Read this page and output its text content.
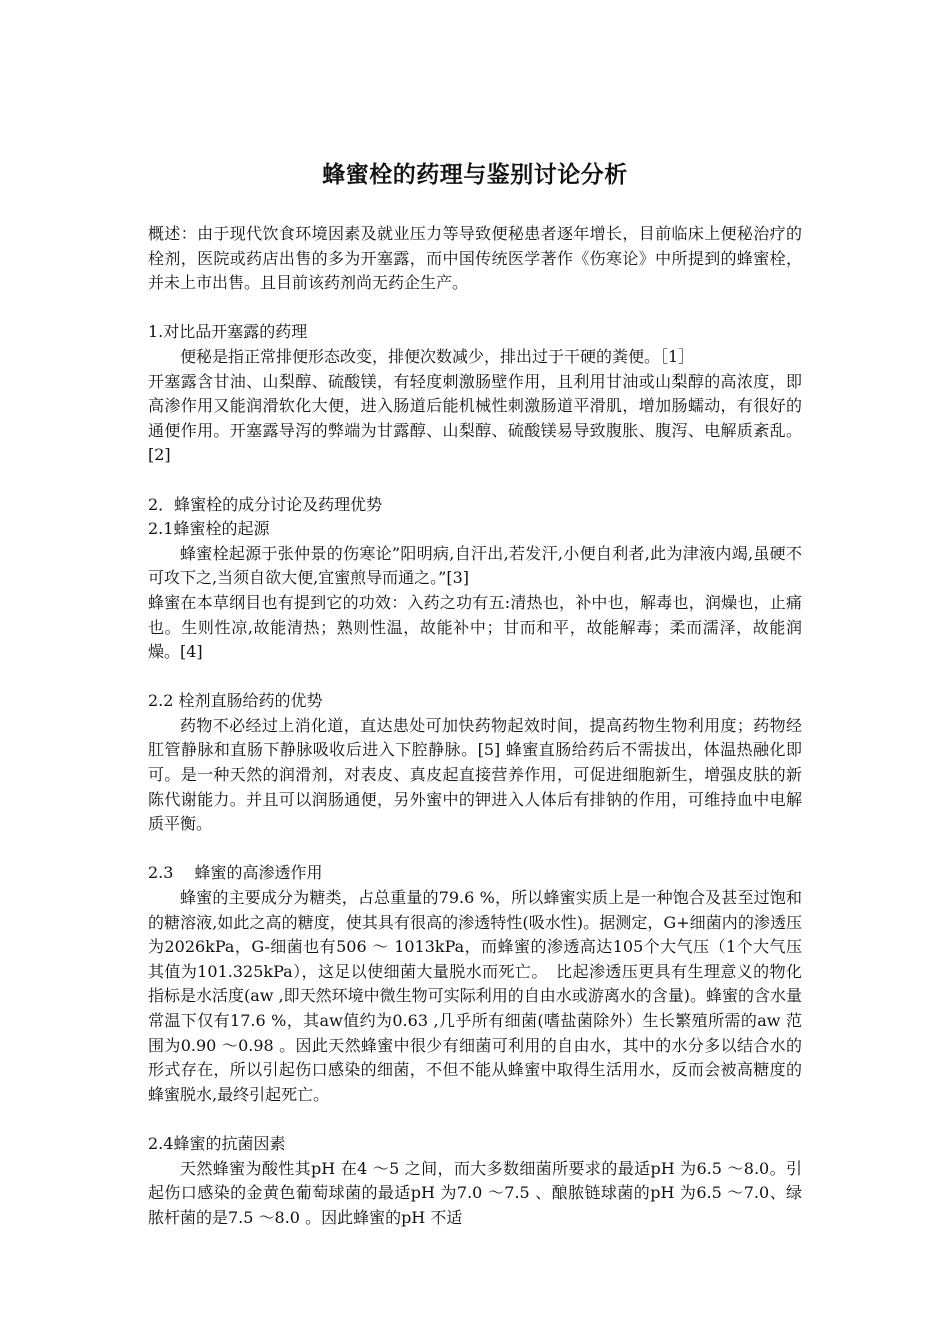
蜂蜜栓的药理与鉴别讨论分析

概述：由于现代饮食环境因素及就业压力等导致便秘患者逐年增长，目前临床上便秘治疗的栓剂，医院或药店出售的多为开塞露，而中国传统医学著作《伤寒论》中所提到的蜂蜜栓，并未上市出售。且目前该药剂尚无药企生产。

1.对比品开塞露的药理

便秘是指正常排便形态改变，排便次数减少，排出过于干硬的粪便。［1］

开塞露含甘油、山梨醇、硫酸镁，有轻度刺激肠壁作用，且利用甘油或山梨醇的高浓度，即高渗作用又能润滑软化大便，进入肠道后能机械性刺激肠道平滑肌，增加肠蠕动，有很好的通便作用。开塞露导泻的弊端为甘露醇、山梨醇、硫酸镁易导致腹胀、腹泻、电解质紊乱。[2]

2．蜂蜜栓的成分讨论及药理优势

2.1蜂蜜栓的起源

蜂蜜栓起源于张仲景的伤寒论”阳明病,自汗出,若发汗,小便自利者,此为津液内竭,虽硬不可攻下之,当须自欲大便,宜蜜煎导而通之。”[3]

蜂蜜在本草纲目也有提到它的功效：入药之功有五:清热也，补中也，解毒也，润燥也，止痛也。生则性凉,故能清热；熟则性温，故能补中；甘而和平，故能解毒；柔而濡泽，故能润燥。[4]

2.2 栓剂直肠给药的优势

药物不必经过上消化道，直达患处可加快药物起效时间，提高药物生物利用度；药物经肛管静脉和直肠下静脉吸收后进入下腔静脉。[5] 蜂蜜直肠给药后不需拔出，体温热融化即可。是一种天然的润滑剂，对表皮、真皮起直接营养作用，可促进细胞新生，增强皮肤的新陈代谢能力。并且可以润肠通便，另外蜜中的钾进入人体后有排钠的作用，可维持血中电解质平衡。

2.3　 蜂蜜的高渗透作用

蜂蜜的主要成分为糖类，占总重量的79.6 %，所以蜂蜜实质上是一种饱合及甚至过饱和的糖溶液,如此之高的糖度，使其具有很高的渗透特性(吸水性)。据测定，G+细菌内的渗透压为2026kPa，G-细菌也有506 ～ 1013kPa，而蜂蜜的渗透高达105个大气压（1个大气压其值为101.325kPa），这足以使细菌大量脱水而死亡。　比起渗透压更具有生理意义的物化指标是水活度(aw ,即天然环境中微生物可实际利用的自由水或游离水的含量)。蜂蜜的含水量常温下仅有17.6 %，其aw值约为0.63 ,几乎所有细菌(嗜盐菌除外）生长繁殖所需的aw 范围为0.90 ～0.98 。因此天然蜂蜜中很少有细菌可利用的自由水，其中的水分多以结合水的形式存在，所以引起伤口感染的细菌，不但不能从蜂蜜中取得生活用水，反而会被高糖度的蜂蜜脱水,最终引起死亡。

2.4蜂蜜的抗菌因素

天然蜂蜜为酸性其pH 在4 ～5 之间，而大多数细菌所要求的最适pH 为6.5 ～8.0。引起伤口感染的金黄色葡萄球菌的最适pH 为7.0 ～7.5 、酿脓链球菌的pH 为6.5 ～7.0、绿脓杆菌的是7.5 ～8.0 。因此蜂蜜的pH 不适
